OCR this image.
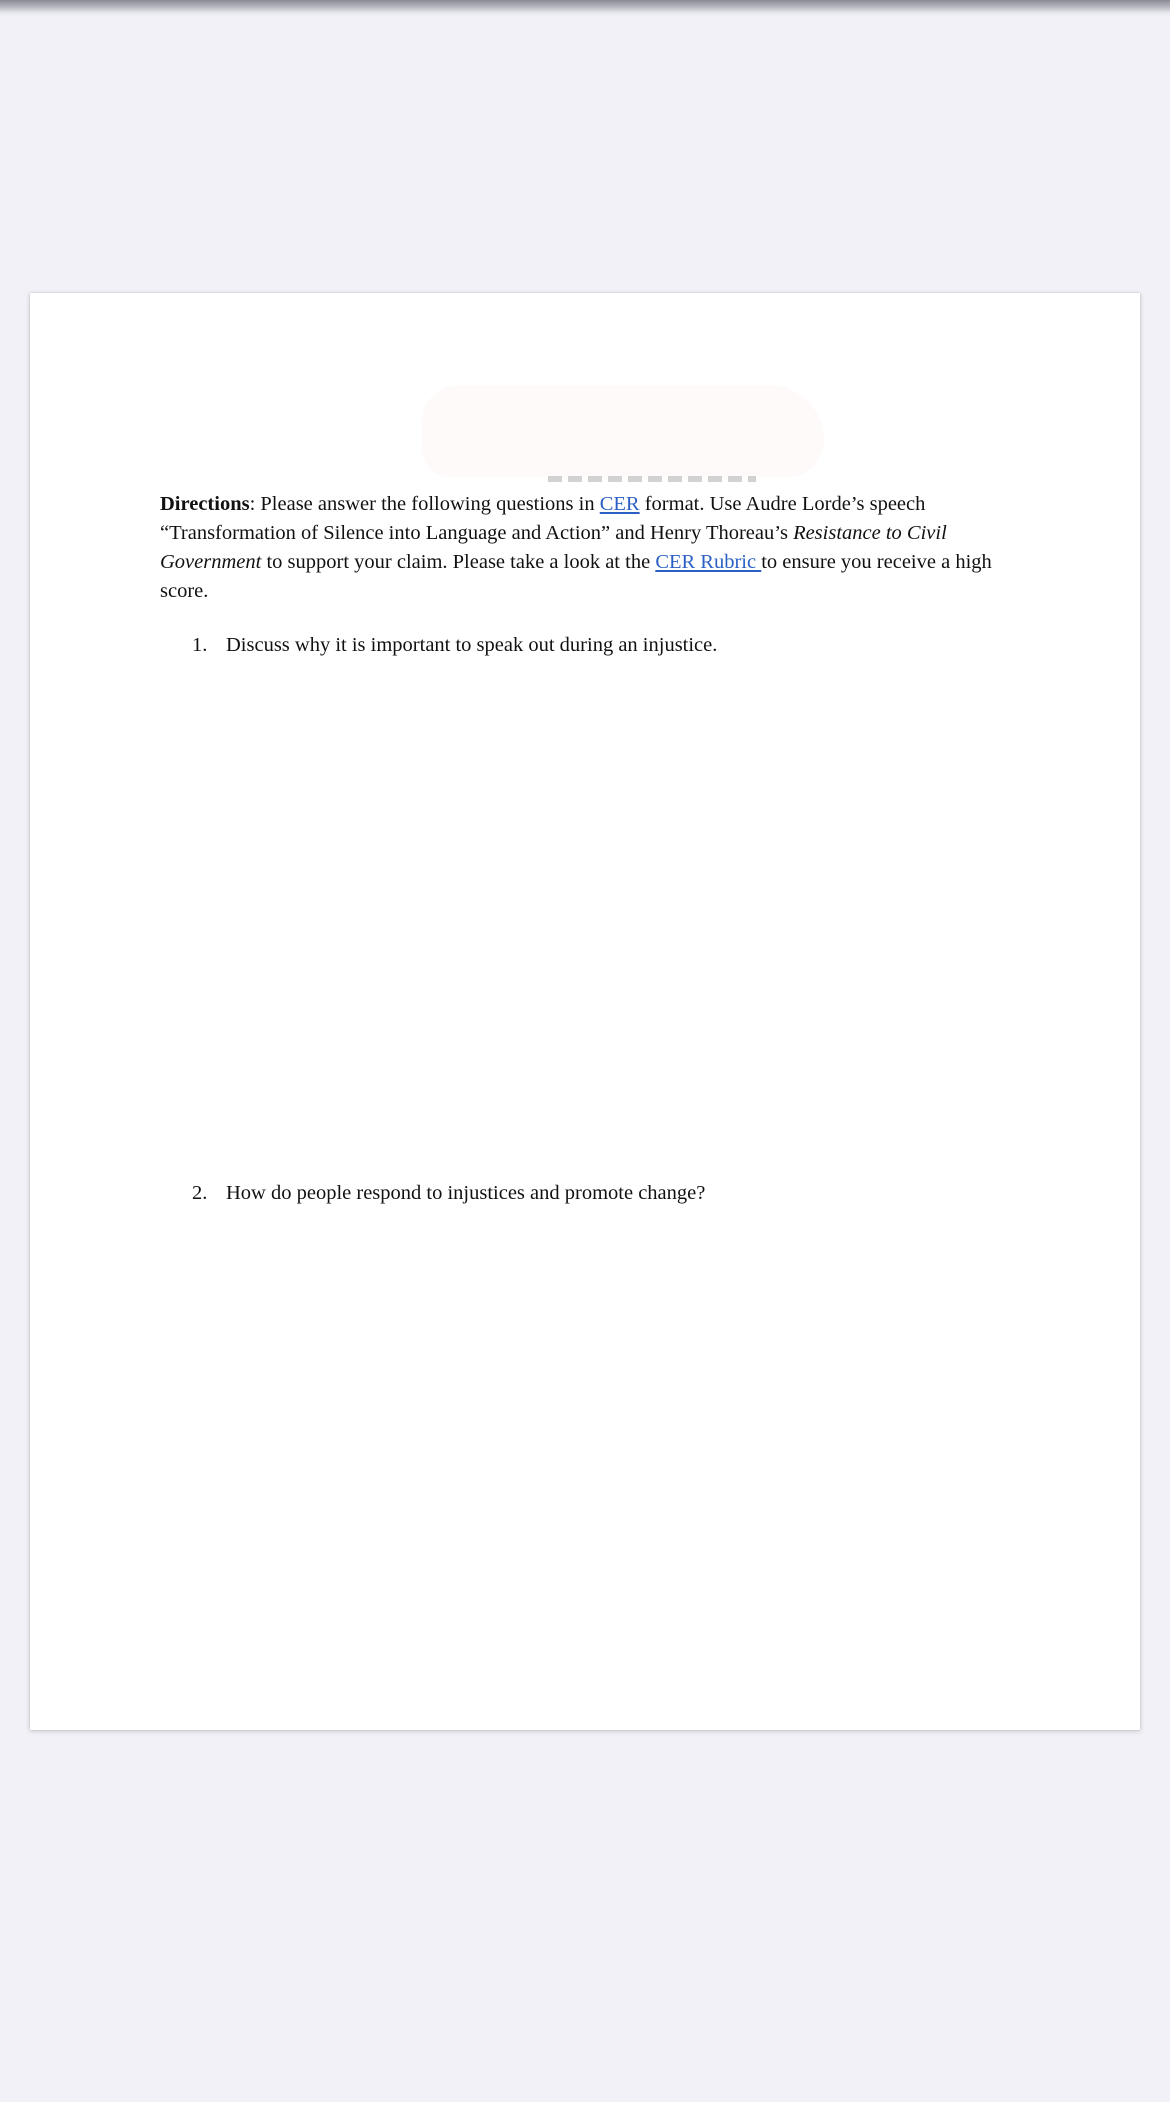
Directions: Please answer the following questions in CER format. Use Audre Lorde’s speech “Transformation of Silence into Language and Action” and Henry Thoreau’s Resistance to Civil Government to support your claim. Please take a look at the CER Rubric to ensure you receive a high score.

1. Discuss why it is important to speak out during an injustice.

2. How do people respond to injustices and promote change?
